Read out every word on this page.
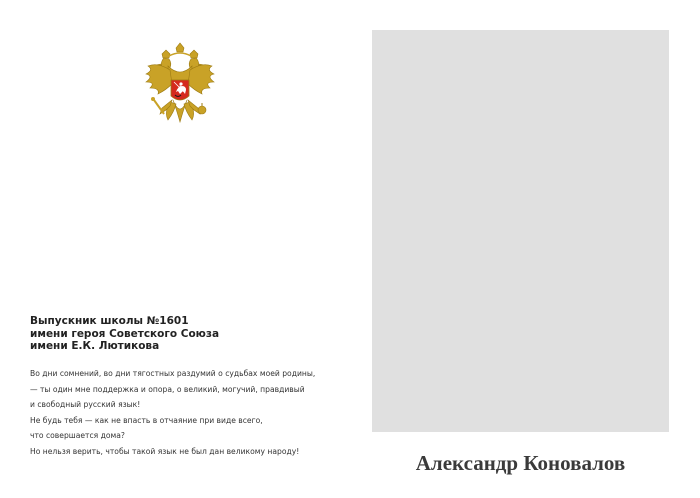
Выпускник школы №1601
имени героя Советского Союза
имени Е.К. Лютикова
Во дни сомнений, во дни тягостных раздумий о судьбах моей родины,
— ты один мне поддержка и опора, о великий, могучий, правдивый
и свободный русский язык!
Не будь тебя — как не впасть в отчаяние при виде всего,
что совершается дома?
Но нельзя верить, чтобы такой язык не был дан великому народу!	Александр Коновалов
